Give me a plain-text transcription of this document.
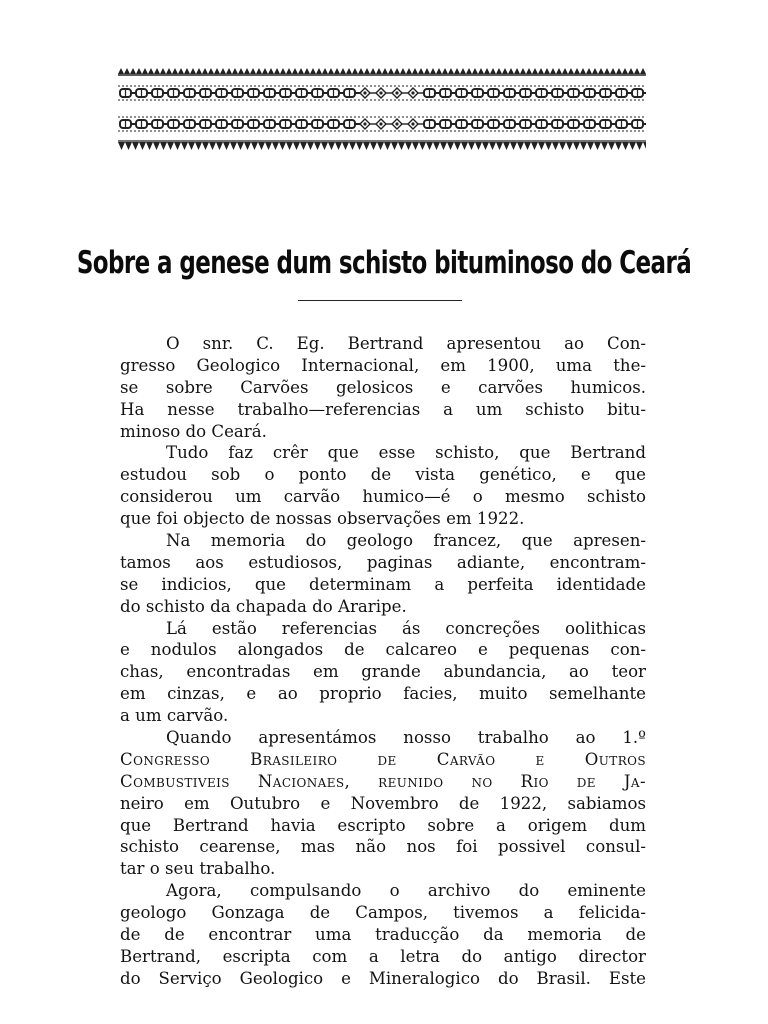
Sobre a genese dum schisto bituminoso do Ceará
O snr. C. Eg. Bertrand apresentou ao Con-
gresso Geologico Internacional, em 1900, uma the-
se sobre Carvões gelosicos e carvões humicos.
Ha nesse trabalho—referencias a um schisto bitu-
minoso do Ceará.
Tudo faz crêr que esse schisto, que Bertrand
estudou sob o ponto de vista genético, e que
considerou um carvão humico—é o mesmo schisto
que foi objecto de nossas observações em 1922.
Na memoria do geologo francez, que apresen-
tamos aos estudiosos, paginas adiante, encontram-
se indicios, que determinam a perfeita identidade
do schisto da chapada do Araripe.
Lá estão referencias ás concreções oolithicas
e nodulos alongados de calcareo e pequenas con-
chas, encontradas em grande abundancia, ao teor
em cinzas, e ao proprio facies, muito semelhante
a um carvão.
Quando apresentámos nosso trabalho ao 1.º
Congresso Brasileiro de Carvão e Outros
Combustiveis Nacionaes, reunido no Rio de Ja-
neiro em Outubro e Novembro de 1922, sabiamos
que Bertrand havia escripto sobre a origem dum
schisto cearense, mas não nos foi possivel consul-
tar o seu trabalho.
Agora, compulsando o archivo do eminente
geologo Gonzaga de Campos, tivemos a felicida-
de de encontrar uma traducção da memoria de
Bertrand, escripta com a letra do antigo director
do Serviço Geologico e Mineralogico do Brasil. Este
